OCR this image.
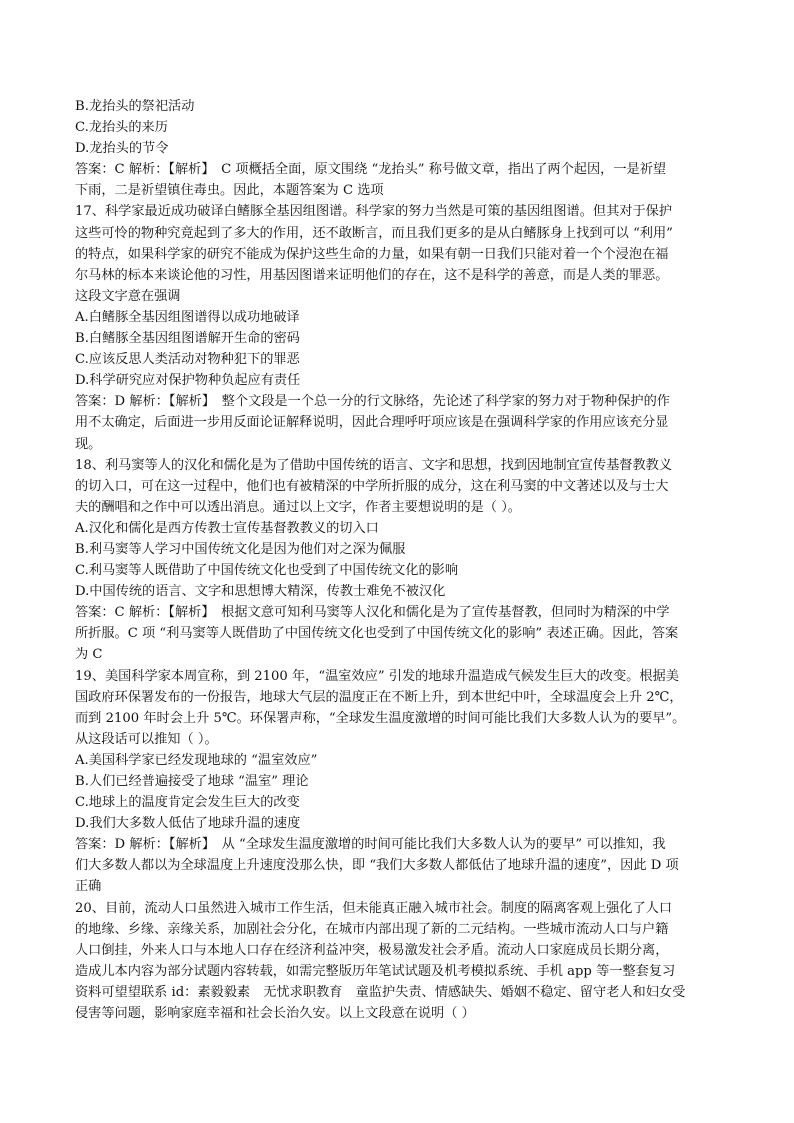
B.龙抬头的祭祀活动
C.龙抬头的来历
D.龙抬头的节令
答案：C 解析：【解析】　C 项概括全面，原文围绕 “龙抬头” 称号做文章，指出了两个起因，一是祈望
下雨，二是祈望镇住毒虫。因此，本题答案为 C 选项
17、科学家最近成功破译白鳍豚全基因组图谱。科学家的努力当然是可策的基因组图谱。但其对于保护
这些可怜的物种究竟起到了多大的作用，还不敢断言，而且我们更多的是从白鳍豚身上找到可以 “利用”
的特点，如果科学家的研究不能成为保护这些生命的力量，如果有朝一日我们只能对着一个个浸泡在福
尔马林的标本来谈论他的习性，用基因图谱来证明他们的存在，这不是科学的善意，而是人类的罪恶。
这段文字意在强调
A.白鳍豚全基因组图谱得以成功地破译
B.白鳍豚全基因组图谱解开生命的密码
C.应该反思人类活动对物种犯下的罪恶
D.科学研究应对保护物种负起应有责任
答案：D 解析：【解析】　整个文段是一个总一分的行文脉络，先论述了科学家的努力对于物种保护的作
用不太确定，后面进一步用反面论证解释说明，因此合理呼吁项应该是在强调科学家的作用应该充分显
现。
18、利马窦等人的汉化和儒化是为了借助中国传统的语言、文字和思想，找到因地制宜宣传基督教教义
的切入口，可在这一过程中，他们也有被精深的中学所折服的成分，这在利马窦的中文著述以及与士大
夫的酬唱和之作中可以透出消息。通过以上文字，作者主要想说明的是（ ）。
A.汉化和儒化是西方传教士宣传基督教教义的切入口
B.利马窦等人学习中国传统文化是因为他们对之深为佩服
C.利马窦等人既借助了中国传统文化也受到了中国传统文化的影响
D.中国传统的语言、文字和思想博大精深，传教士难免不被汉化
答案：C 解析：【解析】　根据文意可知利马窦等人汉化和儒化是为了宣传基督教，但同时为精深的中学
所折服。C 项 “利马窦等人既借助了中国传统文化也受到了中国传统文化的影响” 表述正确。因此，答案
为 C
19、美国科学家本周宣称，到 2100 年，“温室效应” 引发的地球升温造成气候发生巨大的改变。根据美
国政府环保署发布的一份报告，地球大气层的温度正在不断上升，到本世纪中叶，全球温度会上升 2℃，
而到 2100 年时会上升 5℃。环保署声称，“全球发生温度激增的时间可能比我们大多数人认为的要早”。
从这段话可以推知（ ）。
A.美国科学家已经发现地球的 “温室效应”
B.人们已经普遍接受了地球 “温室” 理论
C.地球上的温度肯定会发生巨大的改变
D.我们大多数人低估了地球升温的速度
答案：D 解析：【解析】　从 “全球发生温度激增的时间可能比我们大多数人认为的要早” 可以推知，我
们大多数人都以为全球温度上升速度没那么快，即 “我们大多数人都低估了地球升温的速度”，因此 D 项
正确
20、目前，流动人口虽然进入城市工作生活，但未能真正融入城市社会。制度的隔离客观上强化了人口
的地缘、乡缘、亲缘关系，加剧社会分化，在城市内部出现了新的二元结构。一些城市流动人口与户籍
人口倒挂，外来人口与本地人口存在经济利益冲突，极易激发社会矛盾。流动人口家庭成员长期分离，
造成儿本内容为部分试题内容转载，如需完整版历年笔试试题及机考模拟系统、手机 app 等一整套复习
资料可望望联系 id：素毅毅素　无忧求职教育　童监护失责、情感缺失、婚姻不稳定、留守老人和妇女受
侵害等问题，影响家庭幸福和社会长治久安。以上文段意在说明（ ）
